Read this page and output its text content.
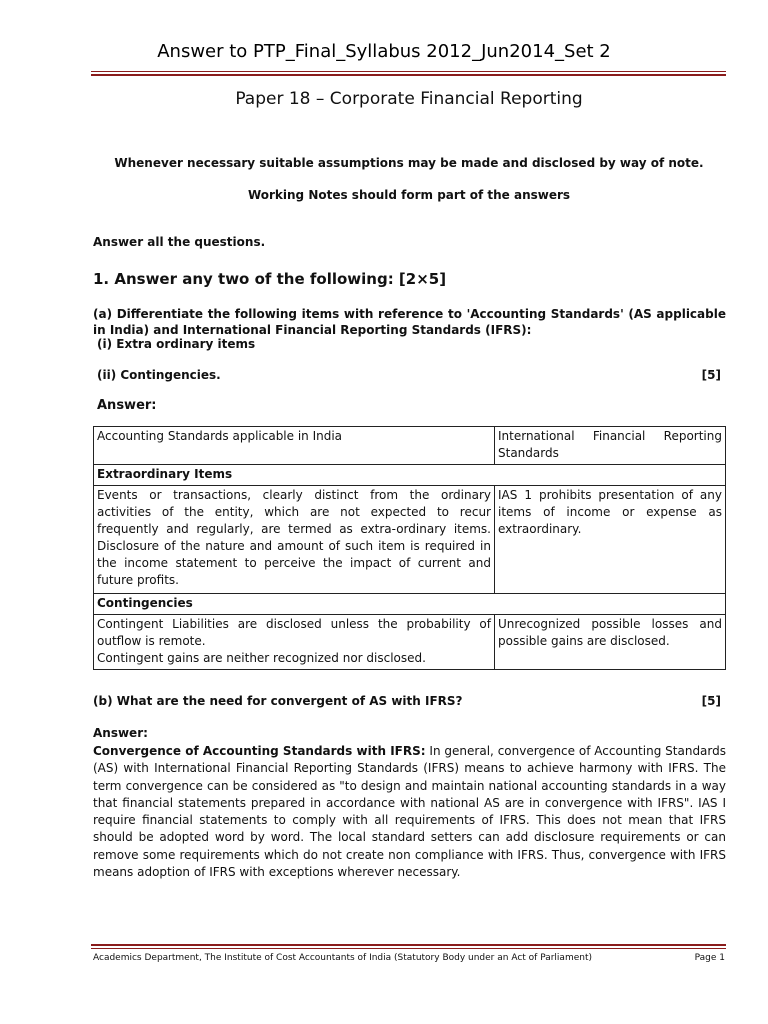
Answer to PTP_Final_Syllabus 2012_Jun2014_Set 2
Paper 18 – Corporate Financial Reporting
Whenever necessary suitable assumptions may be made and disclosed by way of note.
Working Notes should form part of the answers
Answer all the questions.
1. Answer any two of the following: [2×5]
(a) Differentiate the following items with reference to 'Accounting Standards' (AS applicable in India) and International Financial Reporting Standards (IFRS):
(i) Extra ordinary items
(ii) Contingencies.	[5]
Answer:
Accounting Standards applicable in India	International Financial Reporting Standards
Extraordinary Items	
Events or transactions, clearly distinct from the ordinary activities of the entity, which are not expected to recur frequently and regularly, are termed as extra-ordinary items. Disclosure of the nature and amount of such item is required in the income statement to perceive the impact of current and future profits.	IAS 1 prohibits presentation of any items of income or expense as extraordinary.
Contingencies	

Contingent Liabilities are disclosed unless the probability of outflow is remote.
Contingent gains are neither recognized nor disclosed.	Unrecognized possible losses and possible gains are disclosed.
(b) What are the need for convergent of AS with IFRS?	[5]
Answer:
Convergence of Accounting Standards with IFRS: In general, convergence of Accounting Standards (AS) with International Financial Reporting Standards (IFRS) means to achieve harmony with IFRS. The term convergence can be considered as "to design and maintain national accounting standards in a way that financial statements prepared in accordance with national AS are in convergence with IFRS". IAS I require financial statements to comply with all requirements of IFRS. This does not mean that IFRS should be adopted word by word. The local standard setters can add disclosure requirements or can remove some requirements which do not create non compliance with IFRS. Thus, convergence with IFRS means adoption of IFRS with exceptions wherever necessary.
Academics Department, The Institute of Cost Accountants of India (Statutory Body under an Act of Parliament)	Page 1
